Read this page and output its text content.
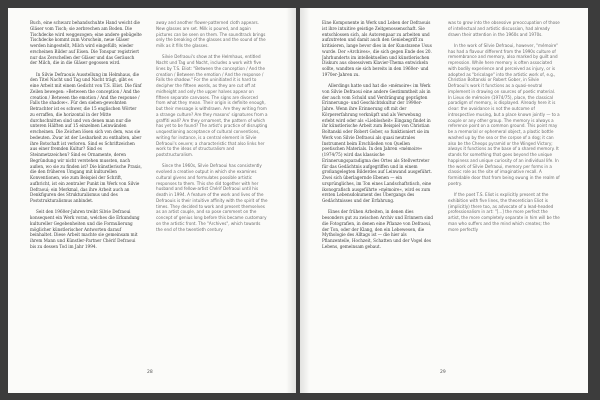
Buch, eine schwarz behandschuhte Hand weicht die Gläser vom Tisch; sie zerbrechen am Boden. Die Tischdecke wird weggezogen; eine andere gebügelte Tischdecke kommt zum Vorschein, neue Gläser werden hingestellt, Milch wird eingefüllt; wieder erscheinen Bilder auf Eisen. Die Tonspur registriert nur das Zerschellen der Gläser und das Geräusch der Milch, die in die Gläser gegossen wird.

In Silvie Defraouis Ausstellung im Helmhaus, die den Titel Nacht und Tag und Nacht trägt, gibt es eine Arbeit mit einem Gedicht von T.S. Eliot. Die fünf Zeilen bewegen: »Between the conception / And the creation / Between the emotion / And the response / Falls the shadow«. Für den sieben-gewohnten Betrachter ist es schwer, die 15 englischen Wörter zu erraffen, die horizontal in der Mitte durchschnitten sind und von denen man nur die unteren Hälften auf 15 einzelnen Leinwänden erscheinen. Die Zeichen lösen sich von dem, was sie bedeuten. Zwar ist der Lesbarkeit zu enthalten, aber ihre Botschaft ist verloren. Sind es Schriftzeichen aus einer fremden Kultur? Sind es Steinmetzzeichen? Sind es Ornamente, deren Begründung wir nicht verstehen mussten, nach außen, wo sie zu finden ist? Die künstlerische Praxis, die den früheren Umgang mit kulturellen Konventionen, wie zum Beispiel der Schrift, aufbricht, ist ein zentraler Punkt im Werk von Silvie Defraoui; ein Merkmal, das ihre Arbeit auch an Denkfiguren des Strukturalismus und des Poststrukturalismus anbindet.

Seit den 1960er-Jahren treibt Silvie Defraoui konsequent ein Werk voran, welches die Erkundung kultureller Gegebenheiten und die Formulierung möglicher künstlerischer Antworten darauf beinhaltet. Diese Arbeit machte sie gemeinsam mit ihrem Mann und Künstler-Partner Chérif Defraoui bis zu dessen Tod im Jahr 1994.

away and another flower-patterned cloth appears. New glasses are set. Milk is poured, and again pictures can be seen on them. The soundtrack brings only the breaking of the glasses and the sound of the milk as it fills the glasses.

Silvie Defraoui's show at the Helmhaus, entitled Nacht und Tag und Nacht, includes a work with five lines by T.S. Eliot: "Between the conception / And the creation / Between the emotion / And the response / Falls the shadow." For the uninitiated it is hard to decipher the fifteen words, as they are cut off at midheight and only the upper halves appear on fifteen separate canvases. The signs are divorced from what they mean. Their origin is definite enough, but their message is withdrawn. Are they writing from a strange culture? Are they masons' signatures from a graffiti wall? Are they ornament, the pattern of which has yet to be found? The artist's practice of disrupting unquestioning acceptance of cultural conventions, writing for instance, is a central element in Silvie Defraoui's oeuvre; a characteristic that also links her work to the ideas of structuralism and poststructuralism.

Since the 1960s, Silvie Defraoui has consistently evolved a creative output in which she examines cultural givens and formulates possible artistic responses to them. This she did together with her husband and fellow-artist Chérif Defraoui until his death in 1994. A feature of the work and lives of the Defraouis is their intuitive affinity with the spirit of the times. They decided to work and present themselves as an artist couple, and so pose comment on the concept of genius long before this became customary on the artistic front. The "Archives", which towards the end of the twentieth century

28

Eine Komponente in Werk und Leben der Defraouis ist ihre intuitive geistige Zeitgenossenschaft. Sie entschlossen sich, als Autorenpaar zu arbeiten und aufzutreten und damit auch den Geniebegriff zu kritisieren, lange bevor dies in der Kunstszene Usus wurde. Der »Archives«, die sich gegen Ende des 20. Jahrhunderts im intellektuellen und künstlerischen Diskurs aus obsessivem Klavier-Thema entwickeln sollte, wandten sie sich bereits in den 1960er- und 1970er-Jahren zu.

Allerdings hatte und hat die »mémoire« im Werk von Silvie Defraoui eine andere Gestimmtheit als in der auch vom Schuld und Verdrängung geprägten Erinnerungs- und Geschichtskultur der 1990er-Jahre. Wenn ihre Erinnerung oft mit der Körpererfahrung verknüpft und als Verwebung erlebt wird oder als »Lieblosheit« Eingang findet in ihr künstlerische Arbeit zum Beispiel von Christian Boltanski oder Robert Gober, so funktioniert sie im Werk von Silvie Defraoui als quasi neutrales Instrument beim Erschließen von Quellen poetischen Materials. In den Jahren »mémoire« (1974/75) wird das klassische Erinnerungsparadigma des Ortes als Stellvertreter für das Gedächtnis aufgegriffen und in einem großangelegten Bilderdes auf Leinwand ausgeführt. Zwei sich überlagernde Ebenen — ein ursprüngliches, im Ton eines Landschaftstisch, eine ikonografisch ausgeführte »mémoire«, wird es zum ersten Lebensdokument des Übergangs des Gedächtnisses und der Erfahrung.

Eines der frühen Arbeiten, in denen dies besonders gut zu zwischen Archiv und Erinnern sind die Fotografien, in denen eine Pflanze von Defraoui, der Ton, oder der Klang, den ein Lebewesen, die Mythologie des Alltags ist — die hier als Pflanzenteile, Hochzeit, Schatten und der Vogel des Lebens, gemeinsam gebaut.

was to grow into the obsessive preoccupation of those of intellectual and artistic discussion, had already drawn their attention in the 1960s and 1970s.

In the work of Silvie Defraoui, however, "mémoire" has had a flavour different from the 1990s culture of remembrance and memory, also marked by guilt and repression. While here memory is often associated with bodily experience and perceived as injury, or is adopted as "bricolage" into the artistic work of, e.g., Christian Boltanski or Robert Gober, in Silvie Defraoui's work it functions as a quasi-neutral implement in drawing on sources of poetic material. In Lieux de mémoire (1974/75), place, the classical paradigm of memory, is displayed. Already here it is clear: the avoidance is not the outcome of introspective musing, but a place known jointly — to a couple or any other group. The memory is always a reference point on a common ground. This point may be a memorial or ephemeral object, a plastic bottle washed up by the sea or the corpse of a dog; it can also be the Cheops pyramid or the Winged Victory; always it functions as the base of a shared memory. It stands for something that goes beyond the unique happiness and unique curiosity of an individual life. In the work of Silvie Defraoui, memory per forms in a classic role as the site of imaginative recall. A formidable door that from being swung in the realm of poetry.

If the poet T.S. Eliot is explicitly present at the exhibition with five lines, the theoretician Eliot is (implicitly) there too, as advocate of a lead-headed professionalism in art: "[...] the more perfect the artist, the more completely separate in him will be the man who suffers and the mind which creates; the more perfectly

29
